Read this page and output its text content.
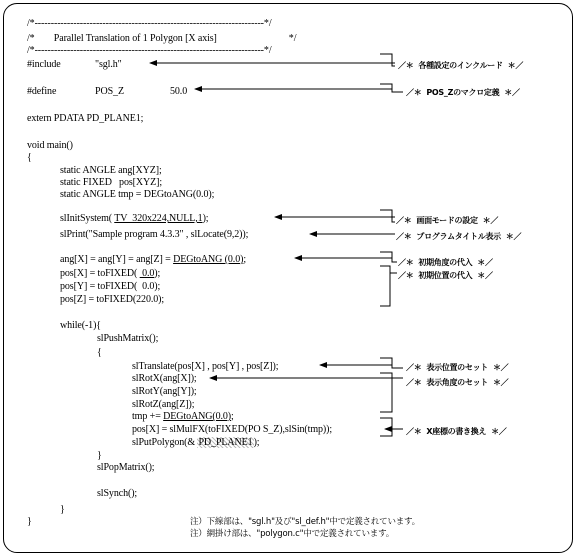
/*-----------------------------------------------------------------------*/
/*        Parallel Translation of 1 Polygon [X axis]                              */
/*-----------------------------------------------------------------------*/
#include	"sgl.h"
#define	POS_Z	50.0
extern PDATA PD_PLANE1;
void main()
{
static ANGLE ang[XYZ];
static FIXED   pos[XYZ];
static ANGLE tmp = DEGtoANG(0.0);
slInitSystem( TV_320x224,NULL,1);
slPrint("Sample program 4.3.3" , slLocate(9,2));
ang[X] = ang[Y] = ang[Z] = DEGtoANG (0.0);
pos[X] = toFIXED(  0.0);
pos[Y] = toFIXED(  0.0);
pos[Z] = toFIXED(220.0);
while(-1){
slPushMatrix();
{
slTranslate(pos[X] , pos[Y] , pos[Z]);
slRotX(ang[X]);
slRotY(ang[Y]);
slRotZ(ang[Z]);
tmp += DEGtoANG(0.0);
pos[X] = slMulFX(toFIXED(PO S_Z),slSin(tmp));
slPutPolygon(& PD_PLANE1);
}
slPopMatrix();
slSynch();
}
}
／＊  各種設定のインクルード  ＊／
／＊  POS_Zのマクロ定義  ＊／
／＊  画面モードの設定  ＊／
／＊  プログラムタイトル表示  ＊／
／＊  初期角度の代入  ＊／
／＊  初期位置の代入  ＊／
／＊  表示位置のセット  ＊／
／＊  表示角度のセット  ＊／
／＊  X座標の書き換え  ＊／
注）下線部は、"sgl.h"及び"sl_def.h"中で定義されています。
注）網掛け部は、"polygon.c"中で定義されています。
